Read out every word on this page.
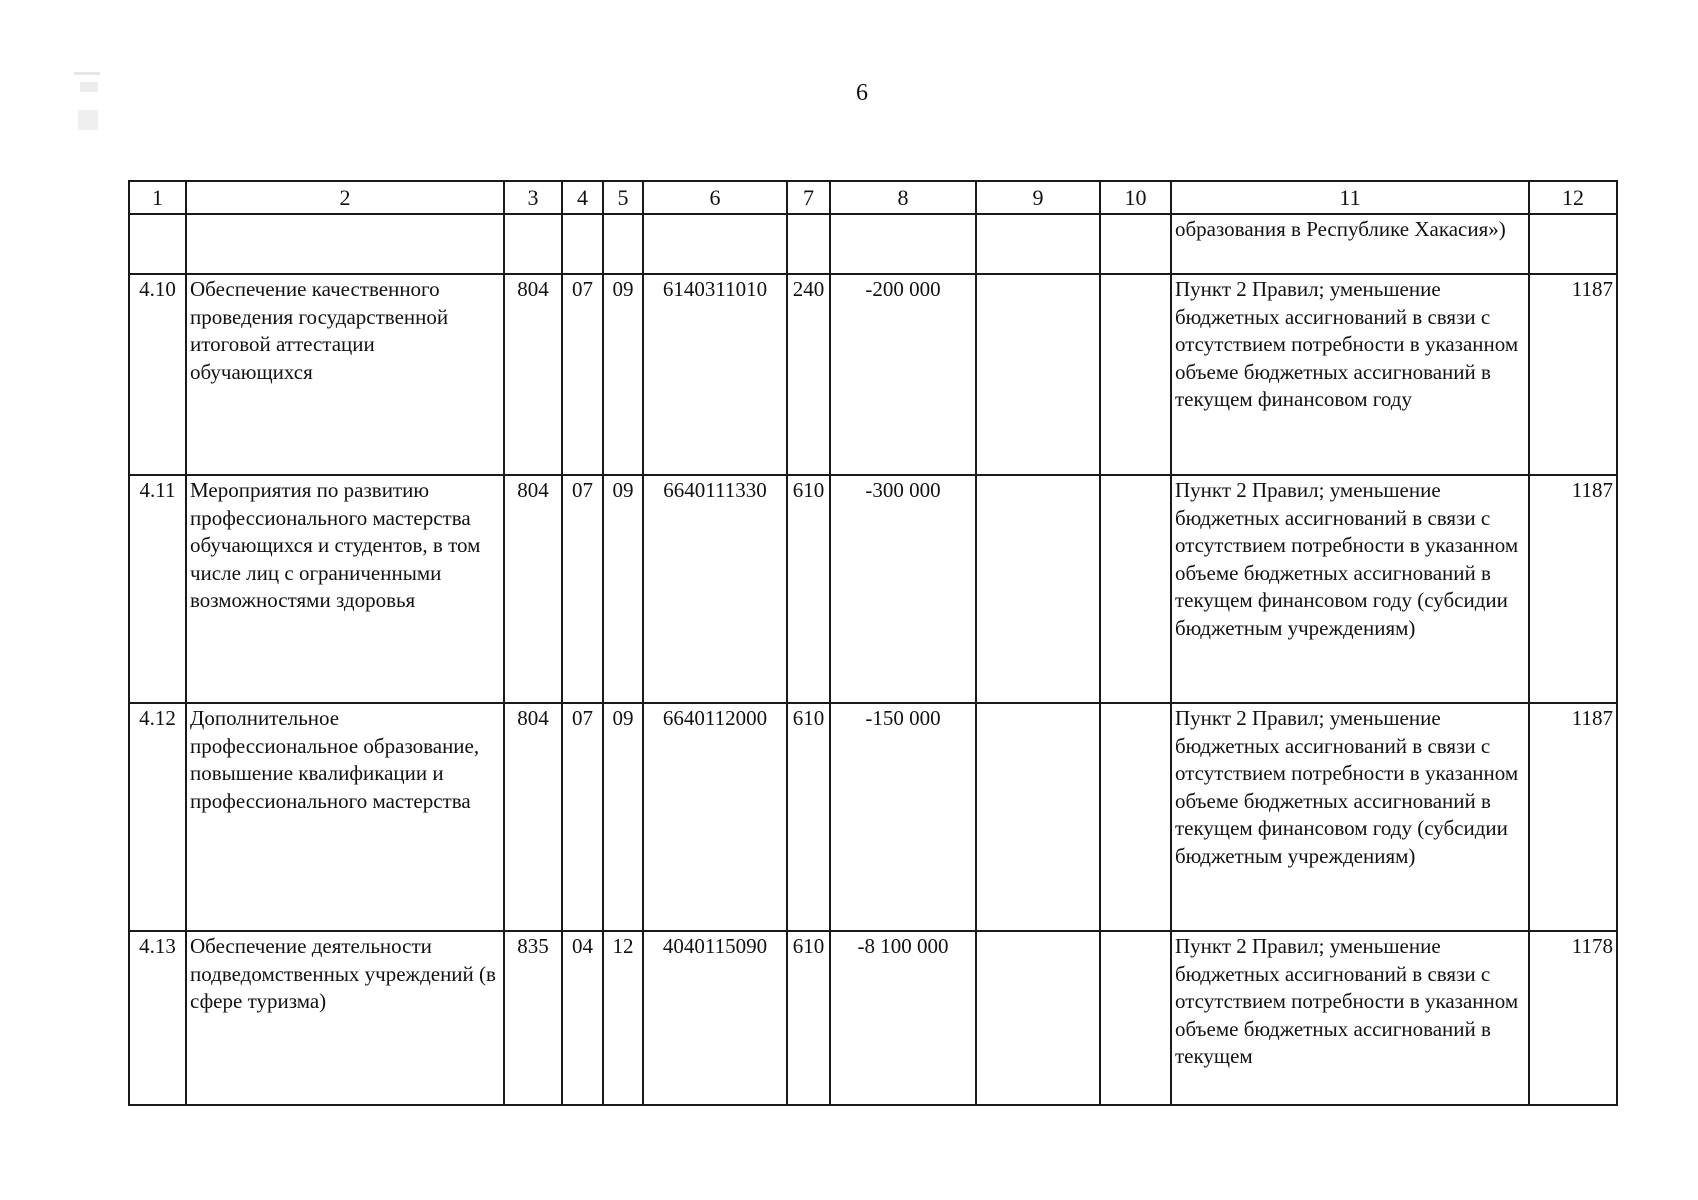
6
1	2	3	4	5	6	7	8	9	10	11	12
										образования в Республике Хакасия»)	
4.10	Обеспечение качественного проведения государственной итоговой аттестации обучающихся	804	07	09	6140311010	240	-200 000			Пункт 2 Правил; уменьшение бюджетных ассигнований в связи с отсутствием потребности в указанном объеме бюджетных ассигнований в текущем финансовом году	1187
4.11	Мероприятия по развитию профессионального мастерства обучающихся и студентов, в том числе лиц с ограниченными возможностями здоровья	804	07	09	6640111330	610	-300 000			Пункт 2 Правил; уменьшение бюджетных ассигнований в связи с отсутствием потребности в указанном объеме бюджетных ассигнований в текущем финансовом году (субсидии бюджетным учреждениям)	1187
4.12	Дополнительное профессиональное образование, повышение квалификации и профессионального мастерства	804	07	09	6640112000	610	-150 000			Пункт 2 Правил; уменьшение бюджетных ассигнований в связи с отсутствием потребности в указанном объеме бюджетных ассигнований в текущем финансовом году (субсидии бюджетным учреждениям)	1187
4.13	Обеспечение деятельности подведомственных учреждений (в сфере туризма)	835	04	12	4040115090	610	-8 100 000			Пункт 2 Правил; уменьшение бюджетных ассигнований в связи с отсутствием потребности в указанном объеме бюджетных ассигнований в текущем	1178
